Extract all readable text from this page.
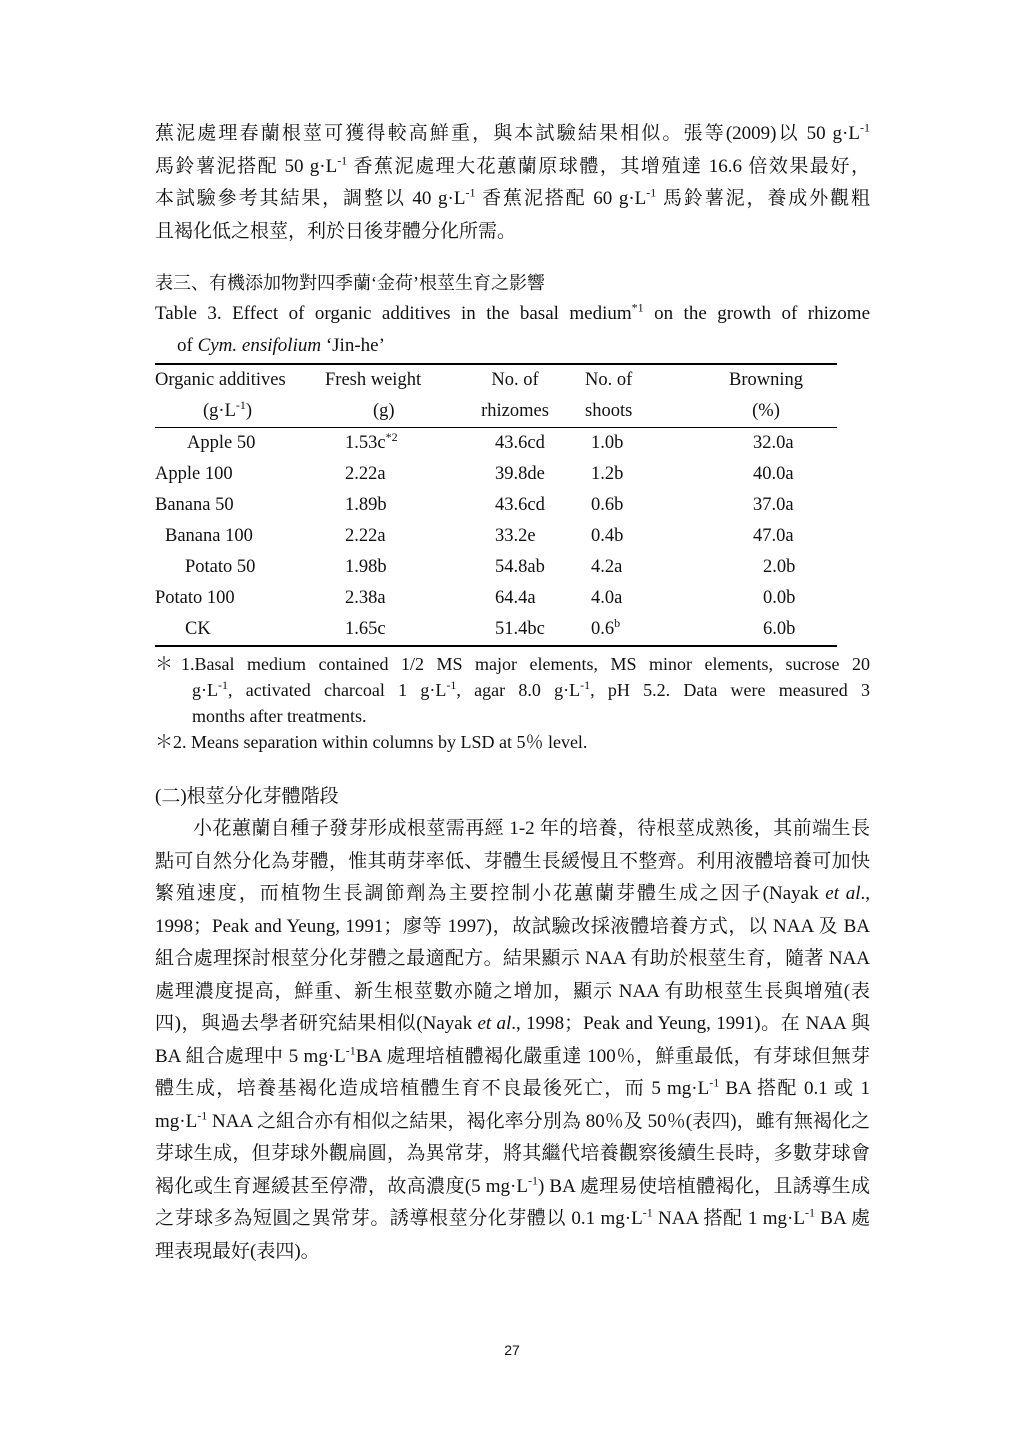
蕉泥處理春蘭根莖可獲得較高鮮重，與本試驗結果相似。張等(2009)以 50 $g\cdot L^{-1}$

馬鈴薯泥搭配 50 $g\cdot L^{-1}$ 香蕉泥處理大花蕙蘭原球體，其增殖達 16.6 倍效果最好，

本試驗參考其結果，調整以 40 $g\cdot L^{-1}$ 香蕉泥搭配 60 $g\cdot L^{-1}$ 馬鈴薯泥，養成外觀粗

且褐化低之根莖，利於日後芽體分化所需。

表三、有機添加物對四季蘭‘金荷’根莖生育之影響

Table 3. Effect of organic additives in the basal medium$^{*1}$ on the growth of rhizome

of Cym. ensifolium ‘Jin-he’

Organic additives	Fresh weight	No. of	No. of	Browning
$(g\cdot L^{-1})$	(g)	rhizomes	shoots	(%)
Apple 50	$1.53c^{*2}$	43.6cd	1.0b	32.0a
Apple 100	2.22a	39.8de	1.2b	40.0a
Banana 50	1.89b	43.6cd	0.6b	37.0a
Banana 100	2.22a	33.2e	0.4b	47.0a
Potato 50	1.98b	54.8ab	4.2a	2.0b
Potato 100	2.38a	64.4a	4.0a	0.0b
CK	1.65c	51.4bc	0.6$^b$	6.0b

＊1.Basal medium contained 1/2 MS major elements, MS minor elements, sucrose 20

$g\cdot L^{-1}$, activated charcoal 1 $g\cdot L^{-1}$, agar 8.0 $g\cdot L^{-1}$, pH 5.2. Data were measured 3

months after treatments.

＊2. Means separation within columns by LSD at 5％ level.

(二)根莖分化芽體階段

小花蕙蘭自種子發芽形成根莖需再經 1-2 年的培養，待根莖成熟後，其前端生長點可自然分化為芽體，惟其萌芽率低、芽體生長緩慢且不整齊。利用液體培養可加快繁殖速度，而植物生長調節劑為主要控制小花蕙蘭芽體生成之因子(Nayak et al., 1998；Peak and Yeung, 1991；廖等 1997)，故試驗改採液體培養方式，以 NAA 及 BA 組合處理探討根莖分化芽體之最適配方。結果顯示 NAA 有助於根莖生育，隨著 NAA 處理濃度提高，鮮重、新生根莖數亦隨之增加，顯示 NAA 有助根莖生長與增殖(表四)，與過去學者研究結果相似(Nayak et al., 1998；Peak and Yeung, 1991)。在 NAA 與 BA 組合處理中 5 $mg\cdot L^{-1}BA$ 處理培植體褐化嚴重達 100％，鮮重最低，有芽球但無芽體生成，培養基褐化造成培植體生育不良最後死亡，而 5 $mg\cdot L^{-1}$ BA 搭配 0.1 或 1 $mg\cdot L^{-1}$ NAA 之組合亦有相似之結果，褐化率分別為 80％及 50％(表四)，雖有無褐化之芽球生成，但芽球外觀扁圓，為異常芽，將其繼代培養觀察後續生長時，多數芽球會褐化或生育遲緩甚至停滯，故高濃度(5 $mg\cdot L^{-1}$) BA 處理易使培植體褐化，且誘導生成之芽球多為短圓之異常芽。誘導根莖分化芽體以 0.1 $mg\cdot L^{-1}$ NAA 搭配 1 $mg\cdot L^{-1}$ BA 處理表現最好(表四)。

27
